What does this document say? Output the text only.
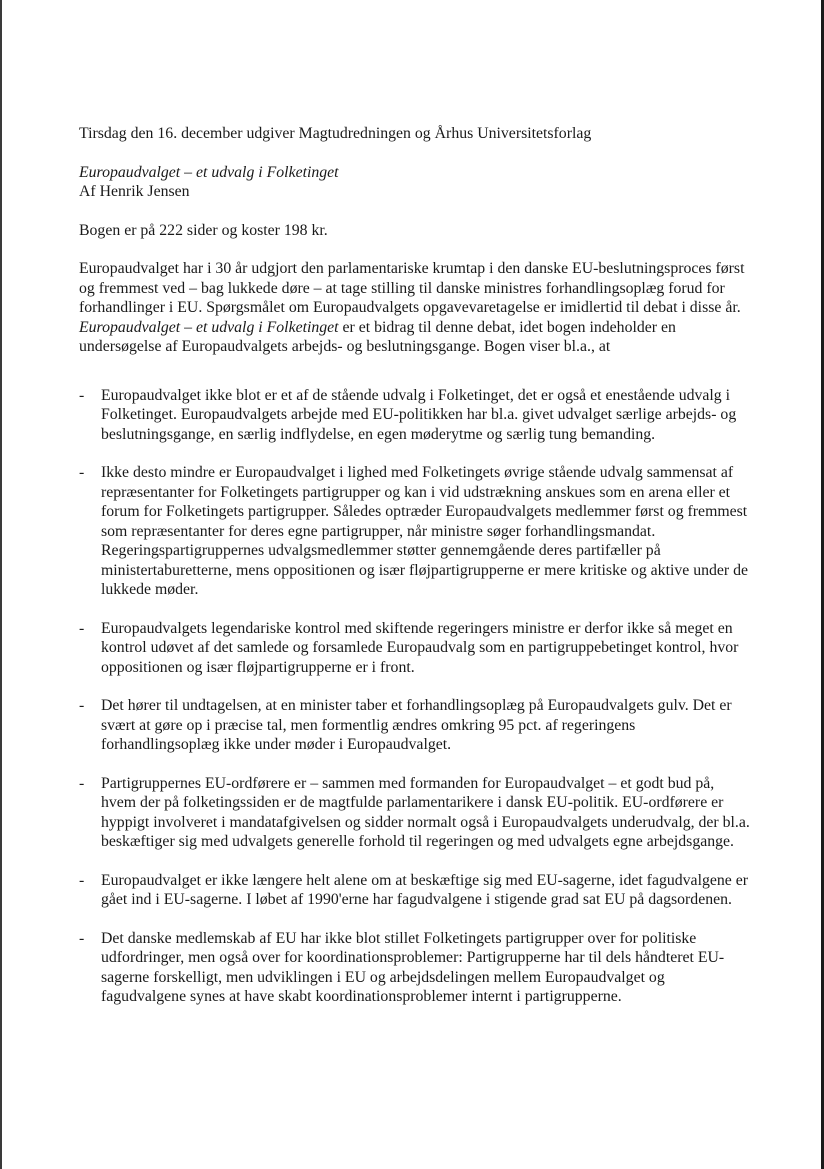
Tirsdag den 16. december udgiver Magtudredningen og Århus Universitetsforlag

Europaudvalget – et udvalg i Folketinget

Af Henrik Jensen

Bogen er på 222 sider og koster 198 kr.

Europaudvalget har i 30 år udgjort den parlamentariske krumtap i den danske EU-beslutningsproces først og fremmest ved – bag lukkede døre – at tage stilling til danske ministres forhandlingsoplæg forud for forhandlinger i EU. Spørgsmålet om Europaudvalgets opgavevaretagelse er imidlertid til debat i disse år. Europaudvalget – et udvalg i Folketinget er et bidrag til denne debat, idet bogen indeholder en undersøgelse af Europaudvalgets arbejds- og beslutningsgange. Bogen viser bl.a., at

- Europaudvalget ikke blot er et af de stående udvalg i Folketinget, det er også et enestående udvalg i Folketinget. Europaudvalgets arbejde med EU-politikken har bl.a. givet udvalget særlige arbejds- og beslutningsgange, en særlig indflydelse, en egen møderytme og særlig tung bemanding.
- Ikke desto mindre er Europaudvalget i lighed med Folketingets øvrige stående udvalg sammensat af repræsentanter for Folketingets partigrupper og kan i vid udstrækning anskues som en arena eller et forum for Folketingets partigrupper. Således optræder Europaudvalgets medlemmer først og fremmest som repræsentanter for deres egne partigrupper, når ministre søger forhandlingsmandat. Regeringspartigruppernes udvalgsmedlemmer støtter gennemgående deres partifæller på ministertaburetterne, mens oppositionen og især fløjpartigrupperne er mere kritiske og aktive under de lukkede møder.
- Europaudvalgets legendariske kontrol med skiftende regeringers ministre er derfor ikke så meget en kontrol udøvet af det samlede og forsamlede Europaudvalg som en partigruppebetinget kontrol, hvor oppositionen og især fløjpartigrupperne er i front.
- Det hører til undtagelsen, at en minister taber et forhandlingsoplæg på Europaudvalgets gulv. Det er svært at gøre op i præcise tal, men formentlig ændres omkring 95 pct. af regeringens forhandlingsoplæg ikke under møder i Europaudvalget.
- Partigruppernes EU-ordførere er – sammen med formanden for Europaudvalget – et godt bud på, hvem der på folketingssiden er de magtfulde parlamentarikere i dansk EU-politik. EU-ordførere er hyppigt involveret i mandatafgivelsen og sidder normalt også i Europaudvalgets underudvalg, der bl.a. beskæftiger sig med udvalgets generelle forhold til regeringen og med udvalgets egne arbejdsgange.
- Europaudvalget er ikke længere helt alene om at beskæftige sig med EU-sagerne, idet fagudvalgene er gået ind i EU-sagerne. I løbet af 1990'erne har fagudvalgene i stigende grad sat EU på dagsordenen.
- Det danske medlemskab af EU har ikke blot stillet Folketingets partigrupper over for politiske udfordringer, men også over for koordinationsproblemer: Partigrupperne har til dels håndteret EU-sagerne forskelligt, men udviklingen i EU og arbejdsdelingen mellem Europaudvalget og fagudvalgene synes at have skabt koordinationsproblemer internt i partigrupperne.
